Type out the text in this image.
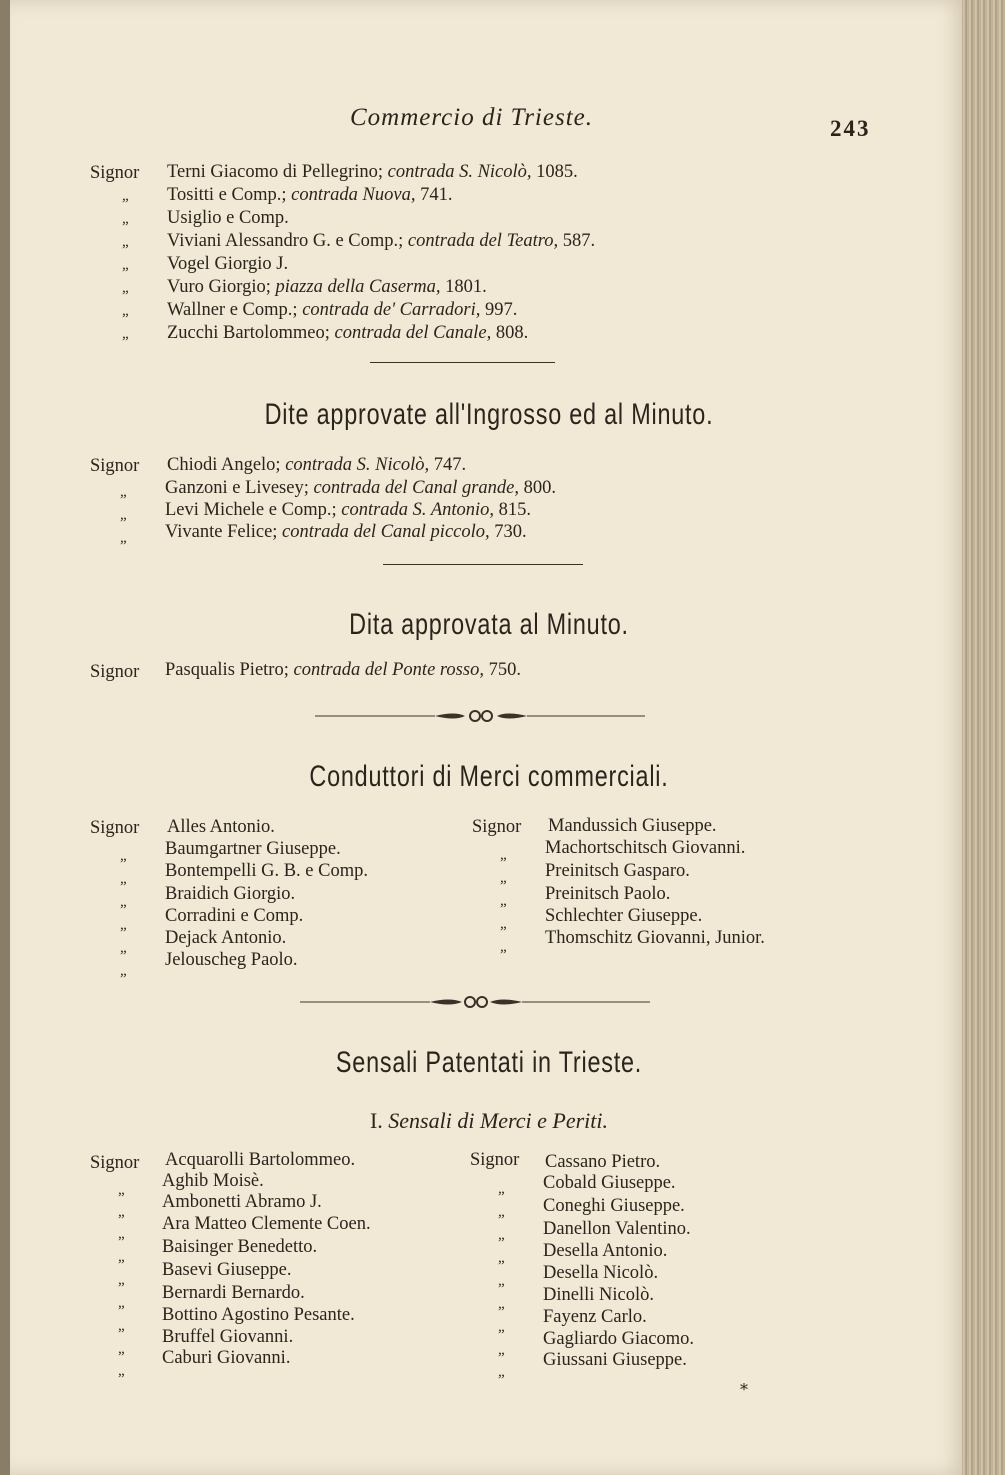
Commercio di Trieste.	243
Signor Terni Giacomo di Pellegrino; contrada S. Nicolò, 1085.
„ Tositti e Comp.; contrada Nuova, 741.
„ Usiglio e Comp.
„ Viviani Alessandro G. e Comp.; contrada del Teatro, 587.
„ Vogel Giorgio J.
„ Vuro Giorgio; piazza della Caserma, 1801.
„ Wallner e Comp.; contrada de' Carradori, 997.
„ Zucchi Bartolommeo; contrada del Canale, 808.
Dite approvate all'Ingrosso ed al Minuto.
Signor Chiodi Angelo; contrada S. Nicolò, 747.
„ Ganzoni e Livesey; contrada del Canal grande, 800.
„ Levi Michele e Comp.; contrada S. Antonio, 815.
„ Vivante Felice; contrada del Canal piccolo, 730.
Dita approvata al Minuto.
Signor Pasqualis Pietro; contrada del Ponte rosso, 750.
Conduttori di Merci commerciali.
Signor Alles Antonio.
„ Baumgartner Giuseppe.
„ Bontempelli G. B. e Comp.
„ Braidich Giorgio.
„ Corradini e Comp.
„ Dejack Antonio.
„
Jelouscheg Paolo.
Signor Mandussich Giuseppe.
„ Machortschitsch Giovanni.
„ Preinitsch Gasparo.
„ Preinitsch Paolo.
„ Schlechter Giuseppe.
„ Thomschitz Giovanni, Junior.
Sensali Patentati in Trieste.
I. Sensali di Merci e Periti.
Signor Acquarolli Bartolommeo.
„ Aghib Moisè.
„ Ambonetti Abramo J.
„ Ara Matteo Clemente Coen.
„ Baisinger Benedetto.
„ Basevi Giuseppe.
„ Bernardi Bernardo.
„
Bottino Agostino Pesante.
„
Bruffel Giovanni.
„
Caburi Giovanni.
Signor Cassano Pietro.
„ Cobald Giuseppe.
„ Coneghi Giuseppe.
„ Danellon Valentino.
„ Desella Antonio.
„ Desella Nicolò.
„ Dinelli Nicolò.
„ Fayenz Carlo.
„
Gagliardo Giacomo.
„
Giussani Giuseppe.
*
